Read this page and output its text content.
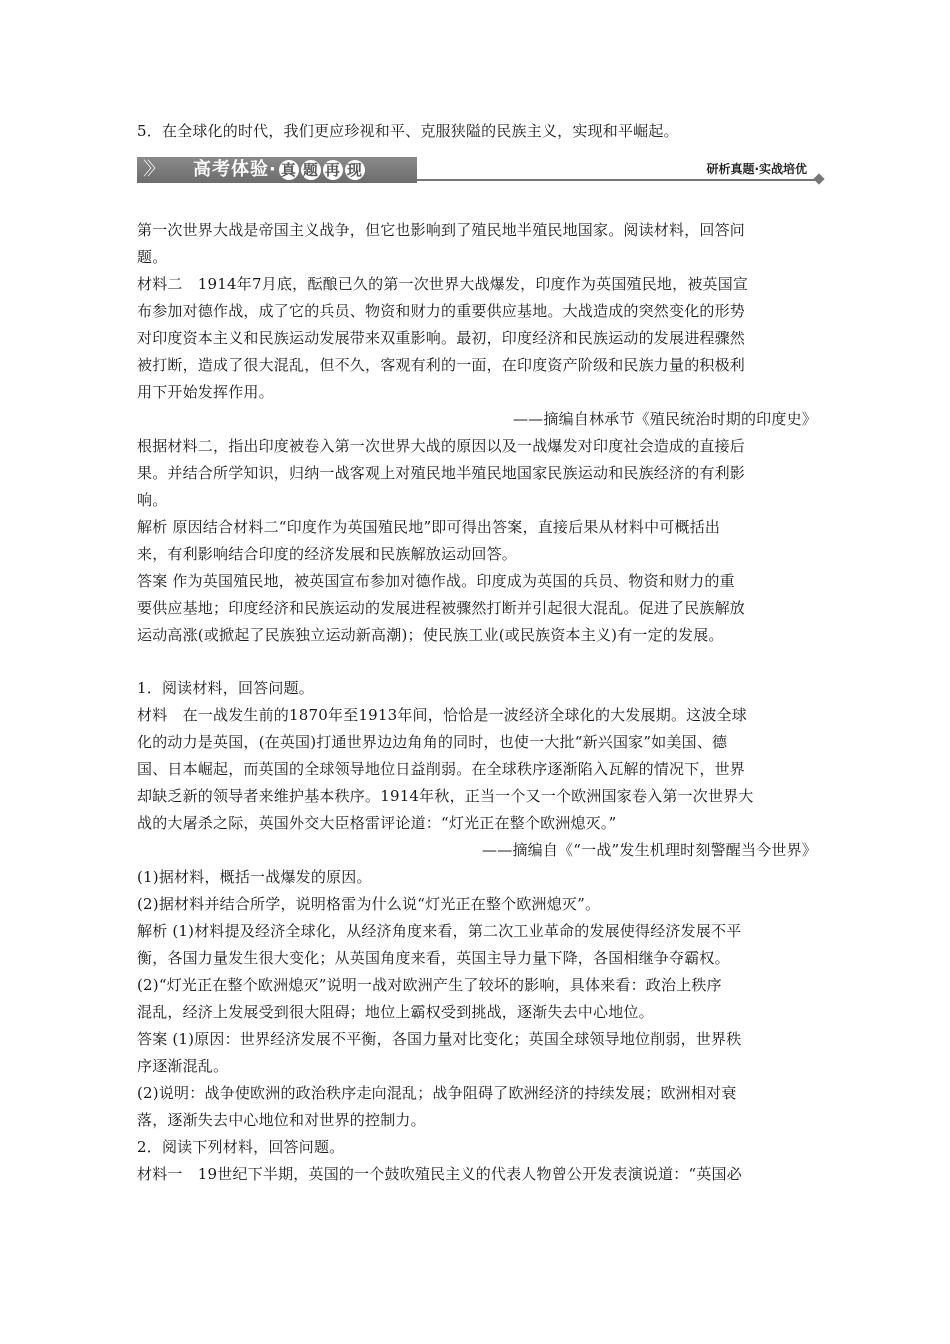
5．在全球化的时代，我们更应珍视和平、克服狭隘的民族主义，实现和平崛起。
〉〉 高考体验· 真 题 再 现	研析真题·实战培优
第一次世界大战是帝国主义战争，但它也影响到了殖民地半殖民地国家。阅读材料，回答问
题。
材料二　1914年7月底，酝酿已久的第一次世界大战爆发，印度作为英国殖民地，被英国宣
布参加对德作战，成了它的兵员、物资和财力的重要供应基地。大战造成的突然变化的形势
对印度资本主义和民族运动发展带来双重影响。最初，印度经济和民族运动的发展进程骤然
被打断，造成了很大混乱，但不久，客观有利的一面，在印度资产阶级和民族力量的积极利
用下开始发挥作用。
——摘编自林承节《殖民统治时期的印度史》
根据材料二，指出印度被卷入第一次世界大战的原因以及一战爆发对印度社会造成的直接后
果。并结合所学知识，归纳一战客观上对殖民地半殖民地国家民族运动和民族经济的有利影
响。
解析 原因结合材料二“印度作为英国殖民地”即可得出答案，直接后果从材料中可概括出
来，有利影响结合印度的经济发展和民族解放运动回答。
答案 作为英国殖民地，被英国宣布参加对德作战。印度成为英国的兵员、物资和财力的重
要供应基地；印度经济和民族运动的发展进程被骤然打断并引起很大混乱。促进了民族解放
运动高涨(或掀起了民族独立运动新高潮)；使民族工业(或民族资本主义)有一定的发展。
1．阅读材料，回答问题。
材料　在一战发生前的1870年至1913年间，恰恰是一波经济全球化的大发展期。这波全球
化的动力是英国，(在英国)打通世界边边角角的同时，也使一大批“新兴国家”如美国、德
国、日本崛起，而英国的全球领导地位日益削弱。在全球秩序逐渐陷入瓦解的情况下，世界
却缺乏新的领导者来维护基本秩序。1914年秋，正当一个又一个欧洲国家卷入第一次世界大
战的大屠杀之际，英国外交大臣格雷评论道：“灯光正在整个欧洲熄灭。”
——摘编自《“一战”发生机理时刻警醒当今世界》
(1)据材料，概括一战爆发的原因。
(2)据材料并结合所学，说明格雷为什么说“灯光正在整个欧洲熄灭”。
解析 (1)材料提及经济全球化，从经济角度来看，第二次工业革命的发展使得经济发展不平
衡，各国力量发生很大变化；从英国角度来看，英国主导力量下降，各国相继争夺霸权。
(2)“灯光正在整个欧洲熄灭”说明一战对欧洲产生了较坏的影响，具体来看：政治上秩序
混乱，经济上发展受到很大阻碍；地位上霸权受到挑战，逐渐失去中心地位。
答案 (1)原因：世界经济发展不平衡，各国力量对比变化；英国全球领导地位削弱，世界秩
序逐渐混乱。
(2)说明：战争使欧洲的政治秩序走向混乱；战争阻碍了欧洲经济的持续发展；欧洲相对衰
落，逐渐失去中心地位和对世界的控制力。
2．阅读下列材料，回答问题。
材料一　19世纪下半期，英国的一个鼓吹殖民主义的代表人物曾公开发表演说道：“英国必
